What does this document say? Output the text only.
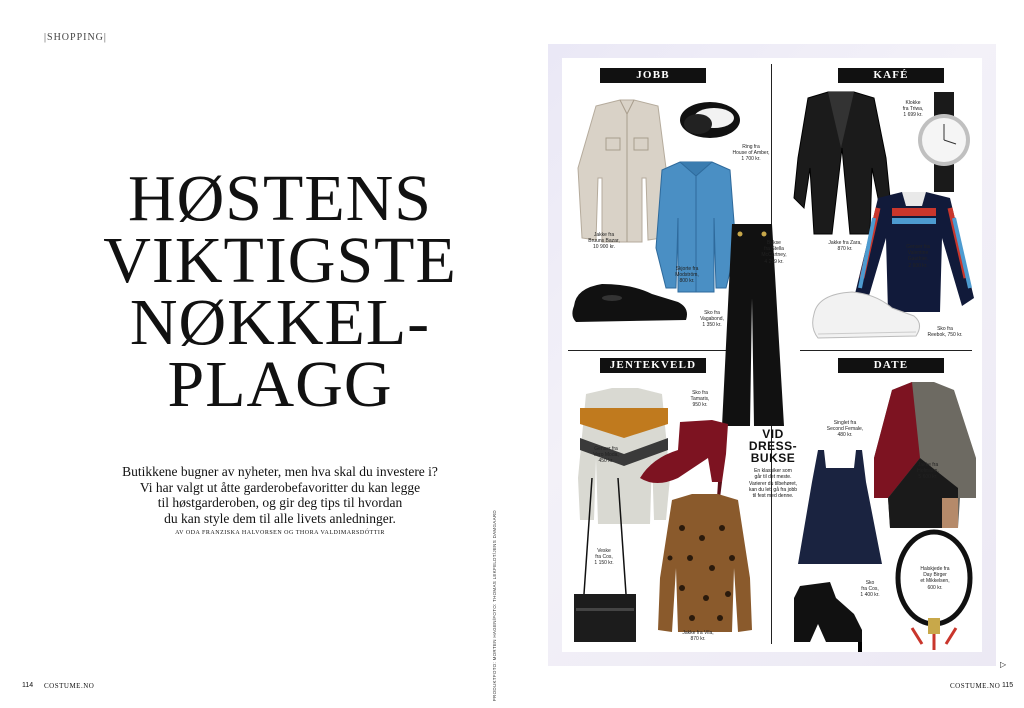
|SHOPPING|
HØSTENS
VIKTIGSTE
NØKKEL-
PLAGG
Butikkene bugner av nyheter, men hva skal du investere i?
Vi har valgt ut åtte garderobefavoritter du kan legge
til høstgarderoben, og gir deg tips til hvordan
du kan style dem til alle livets anledninger.
AV ODA FRANZISKA HALVORSEN OG THORA VALDIMARSDÓTTIR	PRODUKTFOTO: MORTEN HAGEN/FOTO: THOMAS LEKFELDT/JENS DAMGAARD
114 COSTUME.NO	COSTUME.NO 115
▷
JOBB	KAFÉ
JENTEKVELD	DATE
Jakke fra
Bruuns Bazar,
10 900 kr.
Ring fra
House of Amber,
1 700 kr.
Skjorte fra
Modström,
800 kr.
Sko fra
Vagabond,
1 350 kr.
Bukse
fra Stella
McCartney,
4 299 kr.
Klokke
fra Triwa,
1 699 kr.
Jakke fra Zara,
870 kr.	Genser fra
Valentine
Gauthier,
2 900 kr.
Sko fra
Reebok, 750 kr.
Sko fra
Tamaris,
950 kr.
Genser fra
Vero Moda,
450 kr.
Veske
fra Cos,
1 150 kr.
Jakke fra Vila,
870 kr.
Singlet fra
Second Female,
480 kr.
Jakke fra
Hofmann,
5 600 kr.
Sko
fra Cos,
1 400 kr.
Halskjede fra
Day Birger
et Mikkelsen,
600 kr.
VID
DRESS-
BUKSE
En klassiker som
går til det meste.
Varierer du tilbehøret,
kan du lett gå fra jobb
til fest med denne.
